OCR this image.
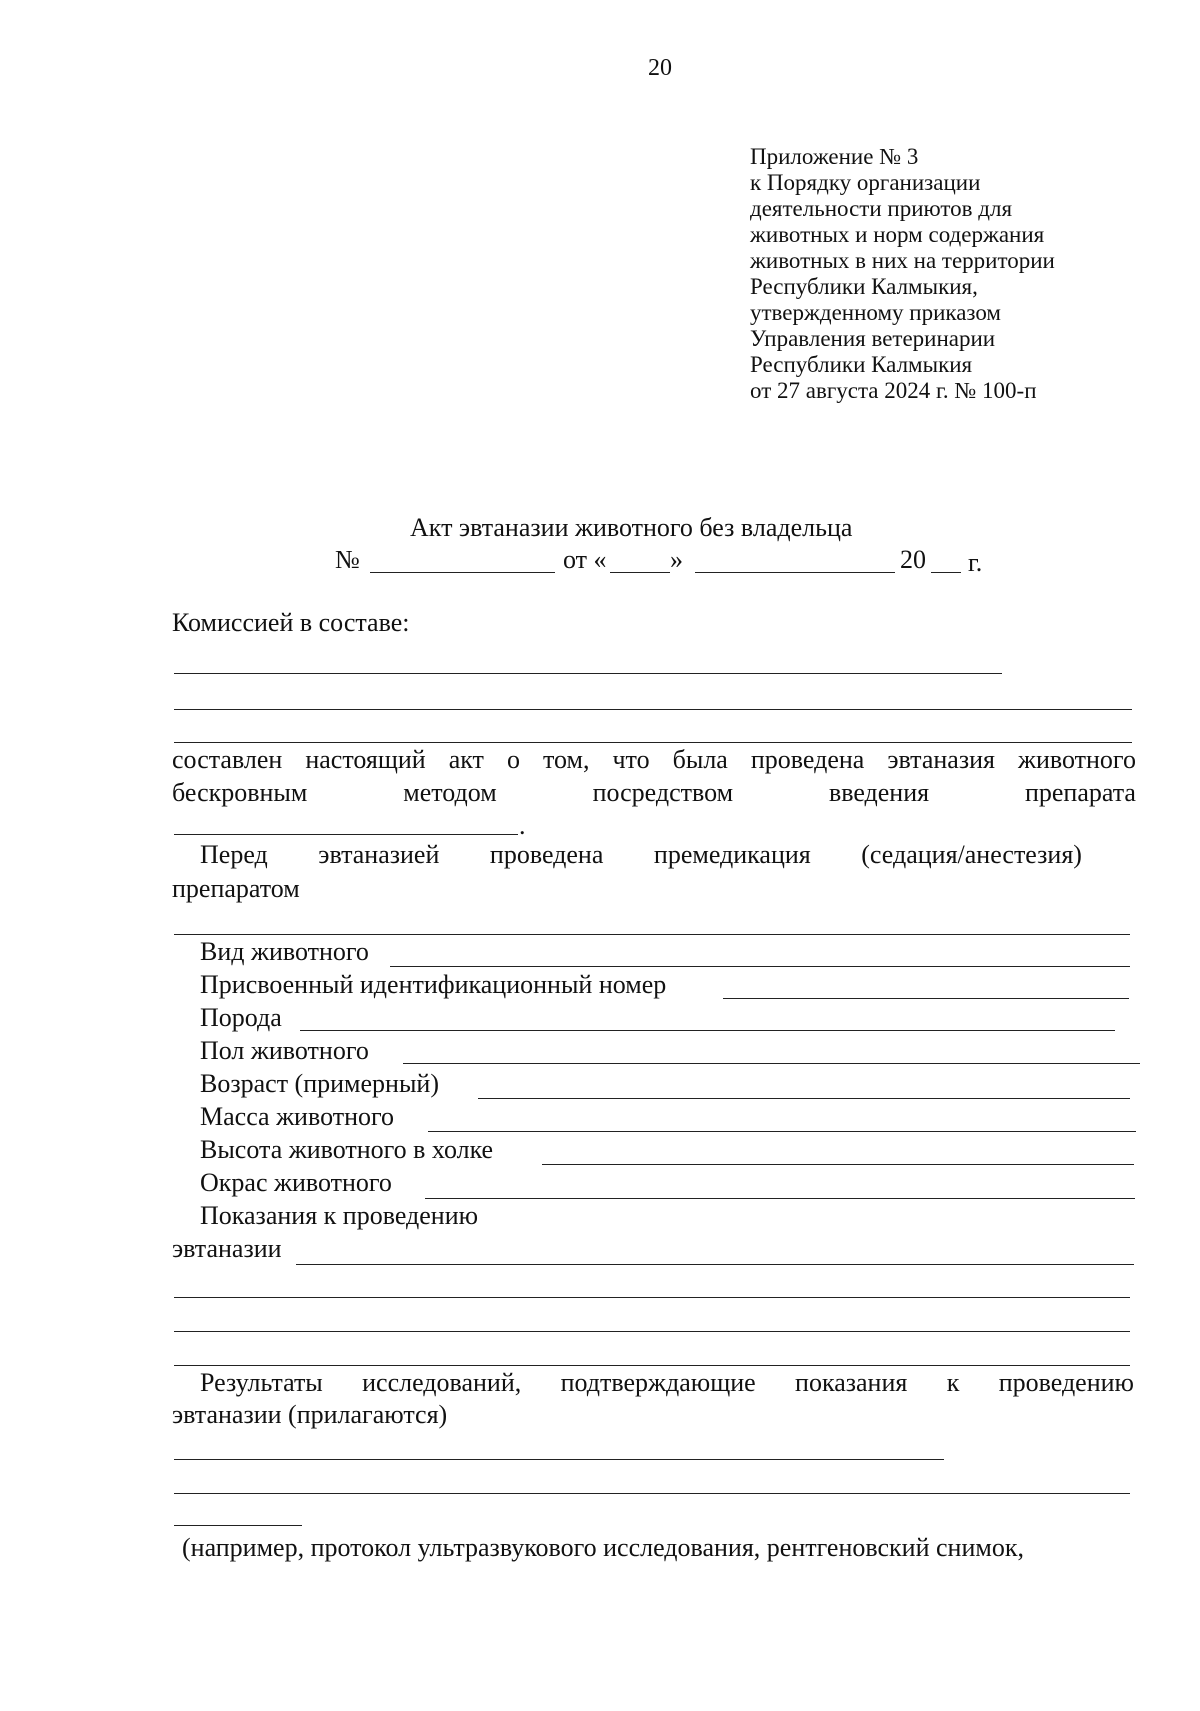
20
Приложение № 3
к Порядку организации
деятельности приютов для
животных и норм содержания
животных в них на территории
Республики Калмыкия,
утвержденному приказом
Управления ветеринарии
Республики Калмыкия
от 27 августа 2024 г. № 100-п
Акт эвтаназии животного без владельца
№	от « »	20 г.
Комиссией в составе:
составлен настоящий акт о том, что была проведена эвтаназия животного
бескровным	методом	посредством	введения	препарата
.
Перед эвтаназией проведена премедикация (седация/анестезия)
препаратом
Вид животного
Присвоенный идентификационный номер
Порода
Пол животного
Возраст (примерный)
Масса животного
Высота животного в холке
Окрас животного
Показания к проведению
эвтаназии
Результаты исследований, подтверждающие показания к проведению
эвтаназии (прилагаются)
(например, протокол ультразвукового исследования, рентгеновский снимок,
